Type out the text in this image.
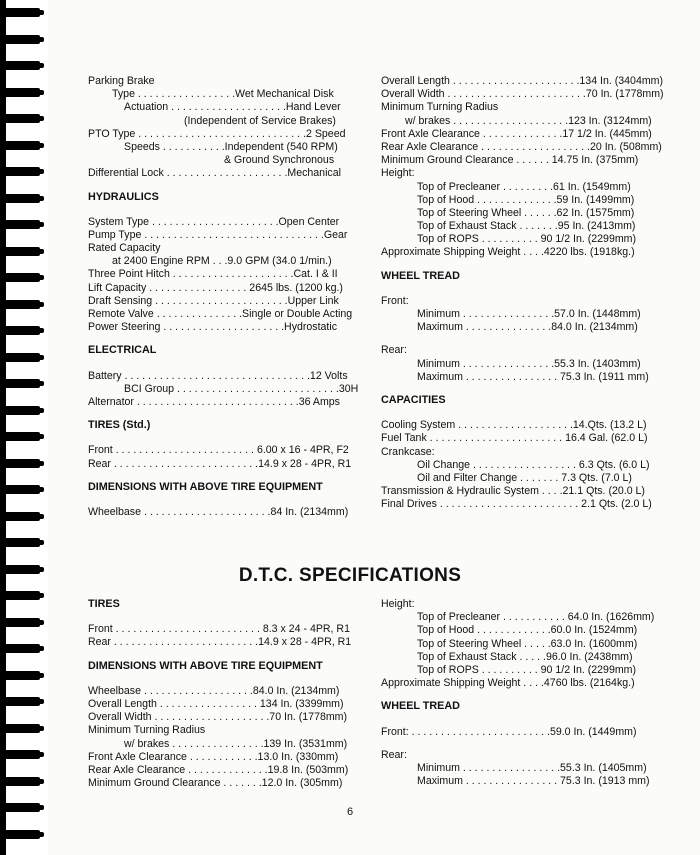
Parking Brake
Type . . . . . . . . . . . . . . . . .Wet Mechanical Disk
Actuation . . . . . . . . . . . . . . . . . . . .Hand Lever
(Independent of Service Brakes)
PTO Type . . . . . . . . . . . . . . . . . . . . . . . . . . . . .2 Speed
Speeds . . . . . . . . . . .Independent (540 RPM)
& Ground Synchronous
Differential Lock . . . . . . . . . . . . . . . . . . . . .Mechanical
HYDRAULICS
System Type . . . . . . . . . . . . . . . . . . . . . .Open Center
Pump Type . . . . . . . . . . . . . . . . . . . . . . . . . . . . . . .Gear
Rated Capacity
at 2400 Engine RPM . . .9.0 GPM (34.0 1/min.)
Three Point Hitch . . . . . . . . . . . . . . . . . . . . .Cat. I & II
Lift Capacity . . . . . . . . . . . . . . . . . 2645 lbs. (1200 kg.)
Draft Sensing . . . . . . . . . . . . . . . . . . . . . . .Upper Link
Remote Valve . . . . . . . . . . . . . . .Single or Double Acting
Power Steering . . . . . . . . . . . . . . . . . . . . .Hydrostatic
ELECTRICAL
Battery . . . . . . . . . . . . . . . . . . . . . . . . . . . . . . . .12 Volts
BCI Group . . . . . . . . . . . . . . . . . . . . . . . . . . . .30H
Alternator . . . . . . . . . . . . . . . . . . . . . . . . . . . .36 Amps
TIRES (Std.)
Front . . . . . . . . . . . . . . . . . . . . . . . . 6.00 x 16 - 4PR, F2
Rear . . . . . . . . . . . . . . . . . . . . . . . . .14.9 x 28 - 4PR, R1
DIMENSIONS WITH ABOVE TIRE EQUIPMENT
Wheelbase . . . . . . . . . . . . . . . . . . . . . .84 In. (2134mm)
Overall Length . . . . . . . . . . . . . . . . . . . . . .134 In. (3404mm)
Overall Width . . . . . . . . . . . . . . . . . . . . . . . .70 In. (1778mm)
Minimum Turning Radius
w/ brakes . . . . . . . . . . . . . . . . . . . .123 In. (3124mm)
Front Axle Clearance . . . . . . . . . . . . . .17 1/2 In. (445mm)
Rear Axle Clearance . . . . . . . . . . . . . . . . . . .20 In. (508mm)
Minimum Ground Clearance . . . . . . 14.75 In. (375mm)
Height:
Top of Precleaner . . . . . . . . .61 In. (1549mm)
Top of Hood . . . . . . . . . . . . . .59 In. (1499mm)
Top of Steering Wheel . . . . . .62 In. (1575mm)
Top of Exhaust Stack . . . . . . .95 In. (2413mm)
Top of ROPS . . . . . . . . . . 90 1/2 In. (2299mm)
Approximate Shipping Weight . . . .4220 lbs. (1918kg.)
WHEEL TREAD
Front:
Minimum . . . . . . . . . . . . . . . .57.0 In. (1448mm)
Maximum . . . . . . . . . . . . . . .84.0 In. (2134mm)
Rear:
Minimum . . . . . . . . . . . . . . . .55.3 In. (1403mm)
Maximum . . . . . . . . . . . . . . . . 75.3 In. (1911 mm)
CAPACITIES
Cooling System . . . . . . . . . . . . . . . . . . . .14.Qts. (13.2 L)
Fuel Tank . . . . . . . . . . . . . . . . . . . . . . . 16.4 Gal. (62.0 L)
Crankcase:
Oil Change . . . . . . . . . . . . . . . . . . 6.3 Qts. (6.0 L)
Oil and Filter Change . . . . . . . 7.3 Qts. (7.0 L)
Transmission & Hydraulic System . . . .21.1 Qts. (20.0 L)
Final Drives . . . . . . . . . . . . . . . . . . . . . . . . 2.1 Qts. (2.0 L)
D.T.C. SPECIFICATIONS
TIRES
Front . . . . . . . . . . . . . . . . . . . . . . . . . 8.3 x 24 - 4PR, R1
Rear . . . . . . . . . . . . . . . . . . . . . . . . .14.9 x 28 - 4PR, R1
DIMENSIONS WITH ABOVE TIRE EQUIPMENT
Wheelbase . . . . . . . . . . . . . . . . . . .84.0 In. (2134mm)
Overall Length . . . . . . . . . . . . . . . . . 134 In. (3399mm)
Overall Width . . . . . . . . . . . . . . . . . . . .70 In. (1778mm)
Minimum Turning Radius
w/ brakes . . . . . . . . . . . . . . . .139 In. (3531mm)
Front Axle Clearance . . . . . . . . . . . .13.0 In. (330mm)
Rear Axle Clearance . . . . . . . . . . . . . .19.8 In. (503mm)
Minimum Ground Clearance . . . . . . .12.0 In. (305mm)
Height:
Top of Precleaner . . . . . . . . . . . 64.0 In. (1626mm)
Top of Hood . . . . . . . . . . . . .60.0 In. (1524mm)
Top of Steering Wheel . . . . .63.0 In. (1600mm)
Top of Exhaust Stack . . . . .96.0 In. (2438mm)
Top of ROPS . . . . . . . . . . 90 1/2 In. (2299mm)
Approximate Shipping Weight . . . .4760 lbs. (2164kg.)
WHEEL TREAD
Front: . . . . . . . . . . . . . . . . . . . . . . . .59.0 In. (1449mm)
Rear:
Minimum . . . . . . . . . . . . . . . . .55.3 In. (1405mm)
Maximum . . . . . . . . . . . . . . . . 75.3 In. (1913 mm)
6
